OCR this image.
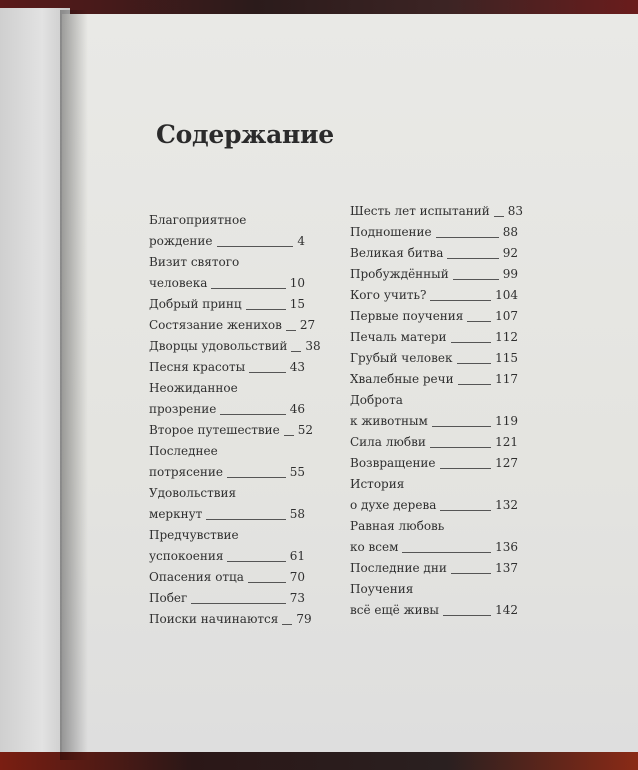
Содержание
Благоприятное
рождение	4
Визит святого
человека	10
Добрый принц	15
Состязание женихов 27
Дворцы удовольствий 38
Песня красоты	43
Неожиданное
прозрение	46
Второе путешествие 52
Последнее
потрясение	55
Удовольствия
меркнут	58
Предчувствие
успокоения	61
Опасения отца	70
Побег	73
Поиски начинаются 79
Шесть лет испытаний 83
Подношение	88
Великая битва	92
Пробуждённый	99
Кого учить?	104
Первые поучения	107
Печаль матери	112
Грубый человек	115
Хвалебные речи	117
Доброта
к животным	119
Сила любви	121
Возвращение	127
История
о духе дерева	132
Равная любовь
ко всем	136
Последние дни	137
Поучения
всё ещё живы	142
